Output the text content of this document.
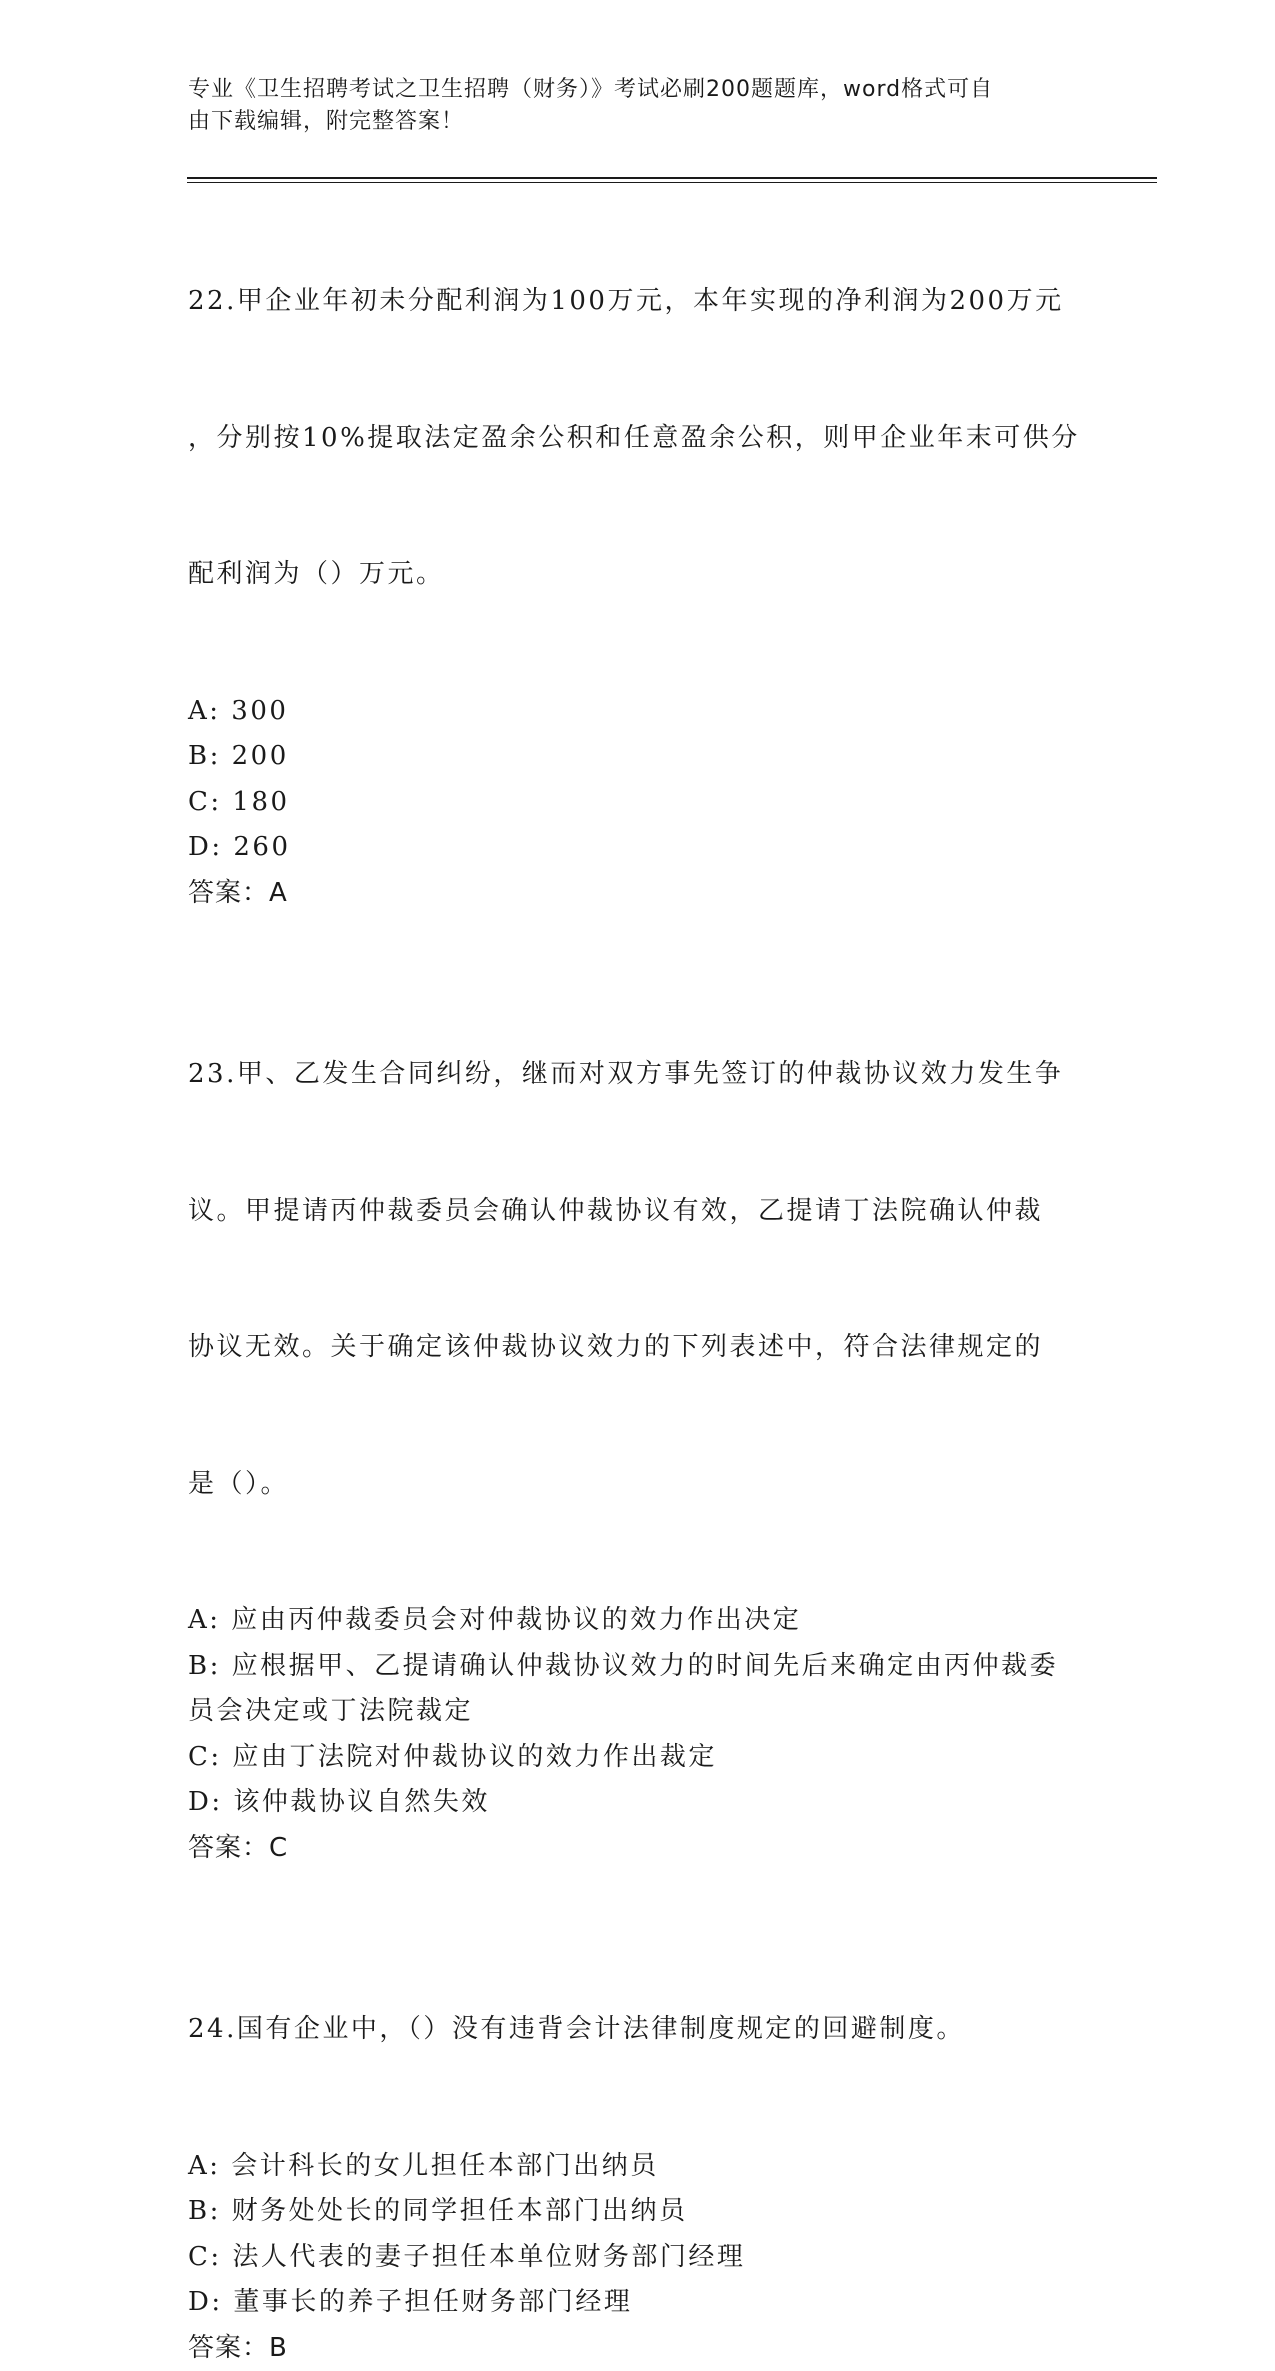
专业《卫生招聘考试之卫生招聘（财务）》考试必刷200题题库，word格式可自
由下载编辑，附完整答案！

22.甲企业年初未分配利润为100万元，本年实现的净利润为200万元

，分别按10%提取法定盈余公积和任意盈余公积，则甲企业年末可供分

配利润为（）万元。

A: 300
B: 200
C: 180
D: 260
答案：A

23.甲、乙发生合同纠纷，继而对双方事先签订的仲裁协议效力发生争

议。甲提请丙仲裁委员会确认仲裁协议有效，乙提请丁法院确认仲裁

协议无效。关于确定该仲裁协议效力的下列表述中，符合法律规定的

是（）。

A: 应由丙仲裁委员会对仲裁协议的效力作出决定
B: 应根据甲、乙提请确认仲裁协议效力的时间先后来确定由丙仲裁委
员会决定或丁法院裁定
C: 应由丁法院对仲裁协议的效力作出裁定
D: 该仲裁协议自然失效
答案：C

24.国有企业中，（）没有违背会计法律制度规定的回避制度。

A: 会计科长的女儿担任本部门出纳员
B: 财务处处长的同学担任本部门出纳员
C: 法人代表的妻子担任本单位财务部门经理
D: 董事长的养子担任财务部门经理
答案：B
